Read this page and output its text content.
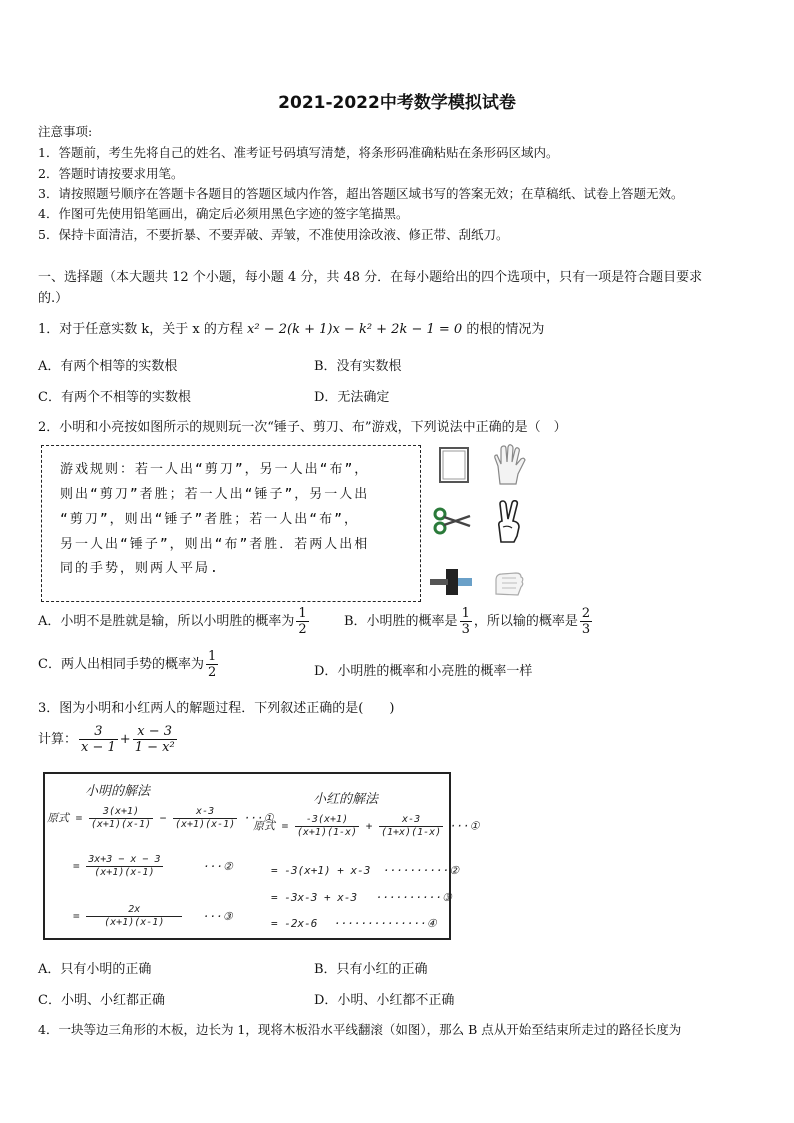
2021-2022中考数学模拟试卷
注意事项:
1．答题前，考生先将自己的姓名、准考证号码填写清楚，将条形码准确粘贴在条形码区域内。
2．答题时请按要求用笔。
3．请按照题号顺序在答题卡各题目的答题区域内作答，超出答题区域书写的答案无效；在草稿纸、试卷上答题无效。
4．作图可先使用铅笔画出，确定后必须用黑色字迹的签字笔描黑。
5．保持卡面清洁，不要折暴、不要弄破、弄皱，不准使用涂改液、修正带、刮纸刀。
一、选择题（本大题共 12 个小题，每小题 4 分，共 48 分．在每小题给出的四个选项中，只有一项是符合题目要求
的.）
1．对于任意实数 k，关于 x 的方程 x² − 2(k + 1)x − k² + 2k − 1 = 0 的根的情况为
A．有两个相等的实数根	B．没有实数根
C．有两个不相等的实数根	D．无法确定
2．小明和小亮按如图所示的规则玩一次“锤子、剪刀、布”游戏，下列说法中正确的是（　）

游戏规则：若一人出“剪刀”，另一人出“布”，

则出“剪刀”者胜；若一人出“锤子”，另一人出

“剪刀”，则出“锤子”者胜；若一人出“布”，

另一人出“锤子”，则出“布”者胜．若两人出相

同的手势，则两人平局.

A．小明不是胜就是输，所以小明胜的概率为 $\frac{1}{2}$	B．小明胜的概率是 $\frac{1}{3}$ ，所以输的概率是 $\frac{2}{3}$
C．两人出相同手势的概率为 $\frac{1}{2}$	D．小明胜的概率和小亮胜的概率一样
3．图为小明和小红两人的解题过程．下列叙述正确的是(　　)
计算： $\frac{3}{x - 1} + \frac{x - 3}{\text{1 − x²}}$
小明的解法
原式 = $\frac{3(x+1)}{(x+1)(x-1)} - \frac{x-3}{(x+1)(x-1)}$ ···①
= $\frac{3x+3 - x - 3}{(x+1)(x-1)}$	···②
= $\frac{2x}{(x+1)(x-1)}$ ···③
小红的解法
原式 = $\frac{-3(x+1)}{(x+1)(1-x)} + \frac{x-3}{(1+x)(1-x)}$ ···①
= -3(x+1) + x-3 ··········②
= -3x-3 + x-3 ··········③
= -2x-6 ··············④
A．只有小明的正确	B．只有小红的正确
C．小明、小红都正确	D．小明、小红都不正确
4．一块等边三角形的木板，边长为 1，现将木板沿水平线翻滚（如图），那么 B 点从开始至结束所走过的路径长度为
